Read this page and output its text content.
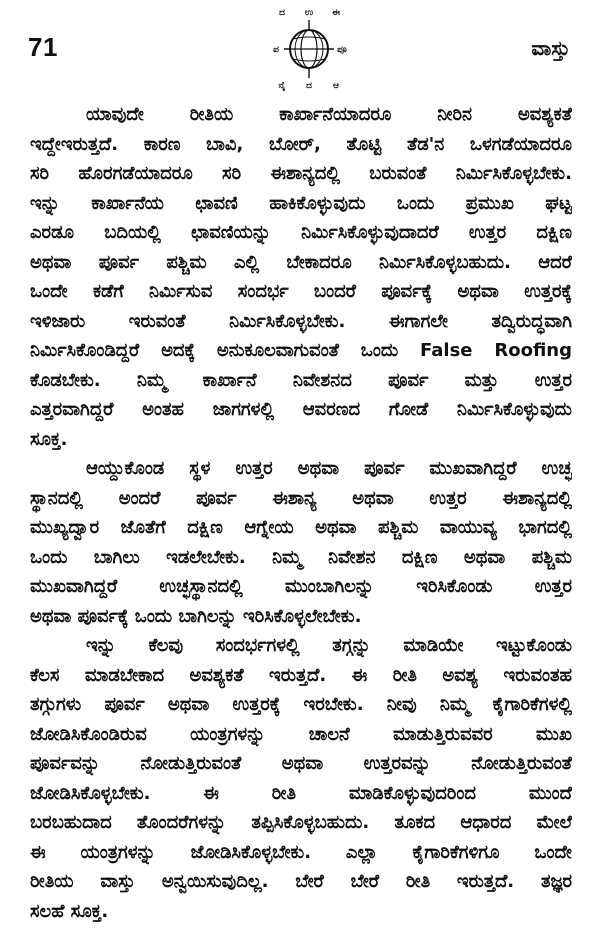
71
ದ ಉ ಈ
ಪ	ಪೂ
ನೈ ದ ಆ
ವಾಸ್ತು
ಯಾವುದೇ ರೀತಿಯ ಕಾರ್ಖಾನೆಯಾದರೂ ನೀರಿನ ಅವಶ್ಯಕತೆ
ಇದ್ದೇಇರುತ್ತದೆ. ಕಾರಣ ಬಾವಿ, ಬೋರ್, ತೊಟ್ಟಿ ತೆಡ'ನ ಒಳಗಡೆಯಾದರೂ
ಸರಿ ಹೊರಗಡೆಯಾದರೂ ಸರಿ ಈಶಾನ್ಯದಲ್ಲಿ ಬರುವಂತೆ ನಿರ್ಮಿಸಿಕೊಳ್ಳಬೇಕು.
ಇನ್ನು ಕಾರ್ಖಾನೆಯ ಛಾವಣಿ ಹಾಕಿಕೊಳ್ಳುವುದು ಒಂದು ಪ್ರಮುಖ ಘಟ್ಟ
ಎರಡೂ ಬದಿಯಲ್ಲಿ ಛಾವಣಿಯನ್ನು ನಿರ್ಮಿಸಿಕೊಳ್ಳುವುದಾದರೆ ಉತ್ತರ ದಕ್ಷಿಣ
ಅಥವಾ ಪೂರ್ವ ಪಶ್ಚಿಮ ಎಲ್ಲಿ ಬೇಕಾದರೂ ನಿರ್ಮಿಸಿಕೊಳ್ಳಬಹುದು. ಆದರೆ
ಒಂದೇ ಕಡೆಗೆ ನಿರ್ಮಿಸುವ ಸಂದರ್ಭ ಬಂದರೆ ಪೂರ್ವಕ್ಕೆ ಅಥವಾ ಉತ್ತರಕ್ಕೆ
ಇಳಿಜಾರು ಇರುವಂತೆ ನಿರ್ಮಿಸಿಕೊಳ್ಳಬೇಕು. ಈಗಾಗಲೇ ತದ್ವಿರುದ್ಧವಾಗಿ
ನಿರ್ಮಿಸಿಕೊಂಡಿದ್ದರೆ ಅದಕ್ಕೆ ಅನುಕೂಲವಾಗುವಂತೆ ಒಂದು False Roofing
ಕೊಡಬೇಕು. ನಿಮ್ಮ ಕಾರ್ಖಾನೆ ನಿವೇಶನದ ಪೂರ್ವ ಮತ್ತು ಉತ್ತರ
ಎತ್ತರವಾಗಿದ್ದರೆ ಅಂತಹ ಜಾಗಗಳಲ್ಲಿ ಆವರಣದ ಗೋಡೆ ನಿರ್ಮಿಸಿಕೊಳ್ಳುವುದು
ಸೂಕ್ತ.
ಆಯ್ದುಕೊಂಡ ಸ್ಥಳ ಉತ್ತರ ಅಥವಾ ಪೂರ್ವ ಮುಖವಾಗಿದ್ದರೆ ಉಚ್ಛ
ಸ್ಥಾನದಲ್ಲಿ ಅಂದರೆ ಪೂರ್ವ ಈಶಾನ್ಯ ಅಥವಾ ಉತ್ತರ ಈಶಾನ್ಯದಲ್ಲಿ
ಮುಖ್ಯದ್ವಾರ ಜೊತೆಗೆ ದಕ್ಷಿಣ ಆಗ್ನೇಯ ಅಥವಾ ಪಶ್ಚಿಮ ವಾಯುವ್ಯ ಭಾಗದಲ್ಲಿ
ಒಂದು ಬಾಗಿಲು ಇಡಲೇಬೇಕು. ನಿಮ್ಮ ನಿವೇಶನ ದಕ್ಷಿಣ ಅಥವಾ ಪಶ್ಚಿಮ
ಮುಖವಾಗಿದ್ದರೆ ಉಚ್ಛಸ್ಥಾನದಲ್ಲಿ ಮುಂಬಾಗಿಲನ್ನು ಇರಿಸಿಕೊಂಡು ಉತ್ತರ
ಅಥವಾ ಪೂರ್ವಕ್ಕೆ ಒಂದು ಬಾಗಿಲನ್ನು ಇರಿಸಿಕೊಳ್ಳಲೇಬೇಕು.
ಇನ್ನು ಕೆಲವು ಸಂದರ್ಭಗಳಲ್ಲಿ ತಗ್ಗನ್ನು ಮಾಡಿಯೇ ಇಟ್ಟುಕೊಂಡು
ಕೆಲಸ ಮಾಡಬೇಕಾದ ಅವಶ್ಯಕತೆ ಇರುತ್ತದೆ. ಈ ರೀತಿ ಅವಶ್ಯ ಇರುವಂತಹ
ತಗ್ಗುಗಳು ಪೂರ್ವ ಅಥವಾ ಉತ್ತರಕ್ಕೆ ಇರಬೇಕು. ನೀವು ನಿಮ್ಮ ಕೈಗಾರಿಕೆಗಳಲ್ಲಿ
ಜೋಡಿಸಿಕೊಂಡಿರುವ ಯಂತ್ರಗಳನ್ನು ಚಾಲನೆ ಮಾಡುತ್ತಿರುವವರ ಮುಖ
ಪೂರ್ವವನ್ನು ನೋಡುತ್ತಿರುವಂತೆ ಅಥವಾ ಉತ್ತರವನ್ನು ನೋಡುತ್ತಿರುವಂತೆ
ಜೋಡಿಸಿಕೊಳ್ಳಬೇಕು. ಈ ರೀತಿ ಮಾಡಿಕೊಳ್ಳುವುದರಿಂದ ಮುಂದೆ
ಬರಬಹುದಾದ ತೊಂದರೆಗಳನ್ನು ತಪ್ಪಿಸಿಕೊಳ್ಳಬಹುದು. ತೂಕದ ಆಧಾರದ ಮೇಲೆ
ಈ ಯಂತ್ರಗಳನ್ನು ಜೋಡಿಸಿಕೊಳ್ಳಬೇಕು. ಎಲ್ಲಾ ಕೈಗಾರಿಕೆಗಳಿಗೂ ಒಂದೇ
ರೀತಿಯ ವಾಸ್ತು ಅನ್ವಯಿಸುವುದಿಲ್ಲ. ಬೇರೆ ಬೇರೆ ರೀತಿ ಇರುತ್ತದೆ. ತಜ್ಞರ
ಸಲಹೆ ಸೂಕ್ತ.
